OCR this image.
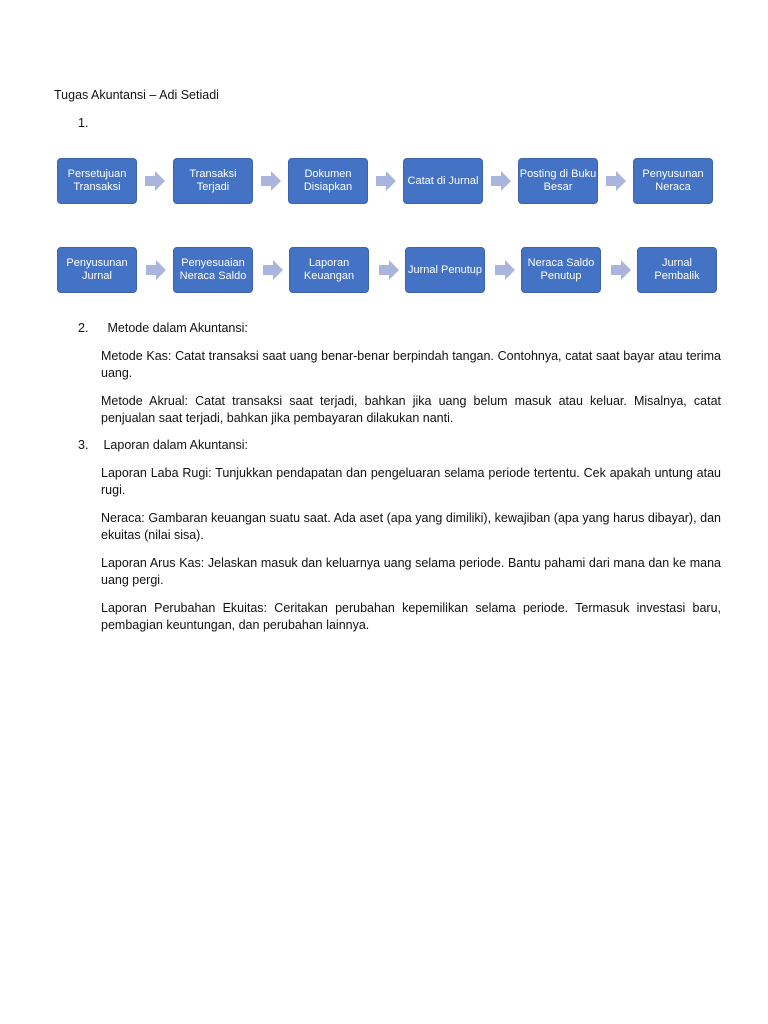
Tugas Akuntansi – Adi Setiadi
1.
Persetujuan Transaksi
Transaksi Terjadi
Dokumen Disiapkan
Catat di Jurnal
Posting di Buku Besar
Penyusunan Neraca
Penyusunan Jurnal
Penyesuaian Neraca Saldo
Laporan Keuangan
Jurnal Penutup
Neraca Saldo Penutup
Jurnal Pembalik
2. Metode dalam Akuntansi:
Metode Kas: Catat transaksi saat uang benar-benar berpindah tangan. Contohnya, catat saat bayar atau terima uang.
Metode Akrual: Catat transaksi saat terjadi, bahkan jika uang belum masuk atau keluar. Misalnya, catat penjualan saat terjadi, bahkan jika pembayaran dilakukan nanti.
3. Laporan dalam Akuntansi:
Laporan Laba Rugi: Tunjukkan pendapatan dan pengeluaran selama periode tertentu. Cek apakah untung atau rugi.
Neraca: Gambaran keuangan suatu saat. Ada aset (apa yang dimiliki), kewajiban (apa yang harus dibayar), dan ekuitas (nilai sisa).
Laporan Arus Kas: Jelaskan masuk dan keluarnya uang selama periode. Bantu pahami dari mana dan ke mana uang pergi.
Laporan Perubahan Ekuitas: Ceritakan perubahan kepemilikan selama periode. Termasuk investasi baru, pembagian keuntungan, dan perubahan lainnya.
